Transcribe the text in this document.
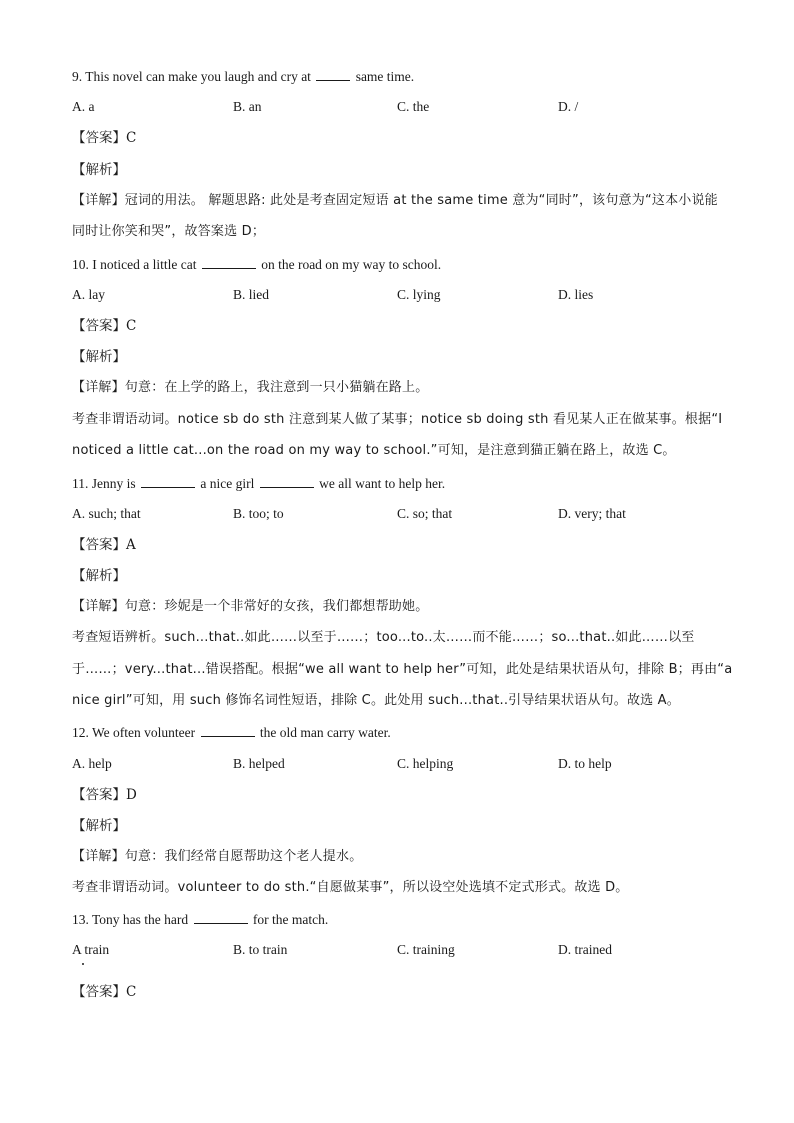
9. This novel can make you laugh and cry at	same time.
A. a	B. an	C. the	D. /
【答案】C
【解析】
【详解】冠词的用法。 解题思路: 此处是考查固定短语 at the same time 意为“同时”，该句意为“这本小说能
同时让你笑和哭”，故答案选 D；
10. I noticed a little cat	on the road on my way to school.
A. lay	B. lied	C. lying	D. lies
【答案】C
【解析】
【详解】句意：在上学的路上，我注意到一只小猫躺在路上。
考查非谓语动词。notice sb do sth 注意到某人做了某事；notice sb doing sth 看见某人正在做某事。根据“I
noticed a little cat...on the road on my way to school.”可知，是注意到猫正躺在路上，故选 C。
11. Jenny is	a nice girl	we all want to help her.
A. such; that	B. too; to	C. so; that	D. very; that
【答案】A
【解析】
【详解】句意：珍妮是一个非常好的女孩，我们都想帮助她。
考查短语辨析。such...that..如此……以至于……；too...to..太……而不能……；so...that..如此……以至
于……；very...that...错误搭配。根据“we all want to help her”可知，此处是结果状语从句，排除 B；再由“a
nice girl”可知，用 such 修饰名词性短语，排除 C。此处用 such...that..引导结果状语从句。故选 A。
12. We often volunteer	the old man carry water.
A. help	B. helped	C. helping	D. to help
【答案】D
【解析】
【详解】句意：我们经常自愿帮助这个老人提水。
考查非谓语动词。volunteer to do sth.“自愿做某事”，所以设空处选填不定式形式。故选 D。
13. Tony has the hard	for the match.
A train	B. to train	C. training	D. trained
【答案】C
